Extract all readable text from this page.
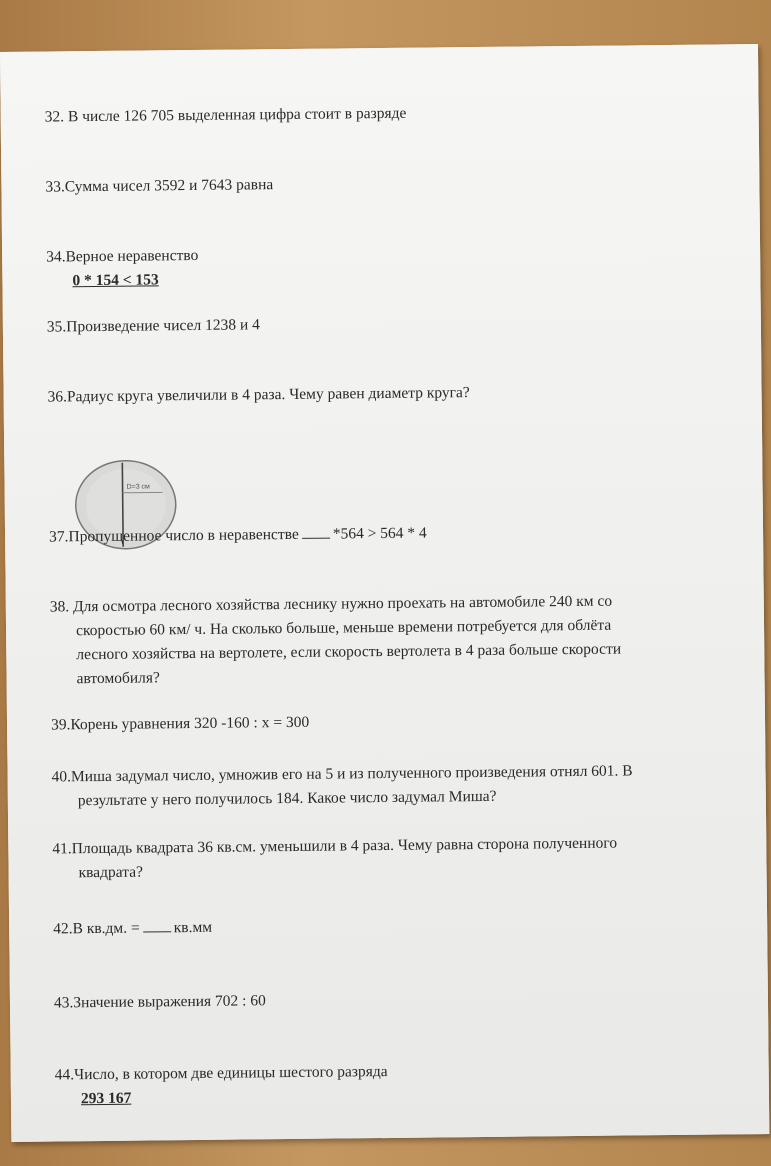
32. В числе 126 705 выделенная цифра стоит в разряде
33.Сумма чисел 3592 и 7643 равна
34.Верное неравенство
0 * 154 < 153
35.Произведение чисел 1238 и 4
36.Радиус круга увеличили в 4 раза. Чему равен диаметр круга?
D=3 см
37.Пропущенное число в неравенстве *564 > 564 * 4
38. Для осмотра лесного хозяйства леснику нужно проехать на автомобиле 240 км со
скоростью 60 км/ ч. На сколько больше, меньше времени потребуется для облёта
лесного хозяйства на вертолете, если скорость вертолета в 4 раза больше скорости
автомобиля?
39.Корень уравнения 320 -160 : х = 300
40.Миша задумал число, умножив его на 5 и из полученного произведения отнял 601. В
результате у него получилось 184. Какое число задумал Миша?
41.Площадь квадрата 36 кв.см. уменьшили в 4 раза. Чему равна сторона полученного
квадрата?
42.В кв.дм. = кв.мм
43.Значение выражения 702 : 60
44.Число, в котором две единицы шестого разряда
293 167
